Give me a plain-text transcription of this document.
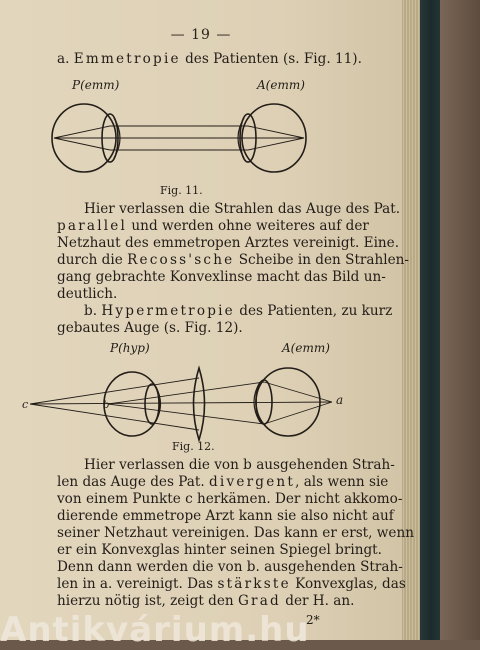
— 19 —
a. Emmetropie des Patienten (s. Fig. 11).
P(emm)	A(emm)
Fig. 11.
Hier verlassen die Strahlen das Auge des Pat.
parallel und werden ohne weiteres auf der
Netzhaut des emmetropen Arztes vereinigt. Eine.
durch die Recoss'sche Scheibe in den Strahlen-
gang gebrachte Konvexlinse macht das Bild un-
deutlich.
b. Hypermetropie des Patienten, zu kurz
gebautes Auge (s. Fig. 12).
P(hyp)	A(emm)
c	b	a
Fig. 12.
Hier verlassen die von b ausgehenden Strah-
len das Auge des Pat. divergent, als wenn sie
von einem Punkte c herkämen. Der nicht akkomo-
dierende emmetrope Arzt kann sie also nicht auf
seiner Netzhaut vereinigen. Das kann er erst, wenn
er ein Konvexglas hinter seinen Spiegel bringt.
Denn dann werden die von b. ausgehenden Strah-
len in a. vereinigt. Das stärkste Konvexglas, das
hierzu nötig ist, zeigt den Grad der H. an.
2*
Antikvárium.hu
